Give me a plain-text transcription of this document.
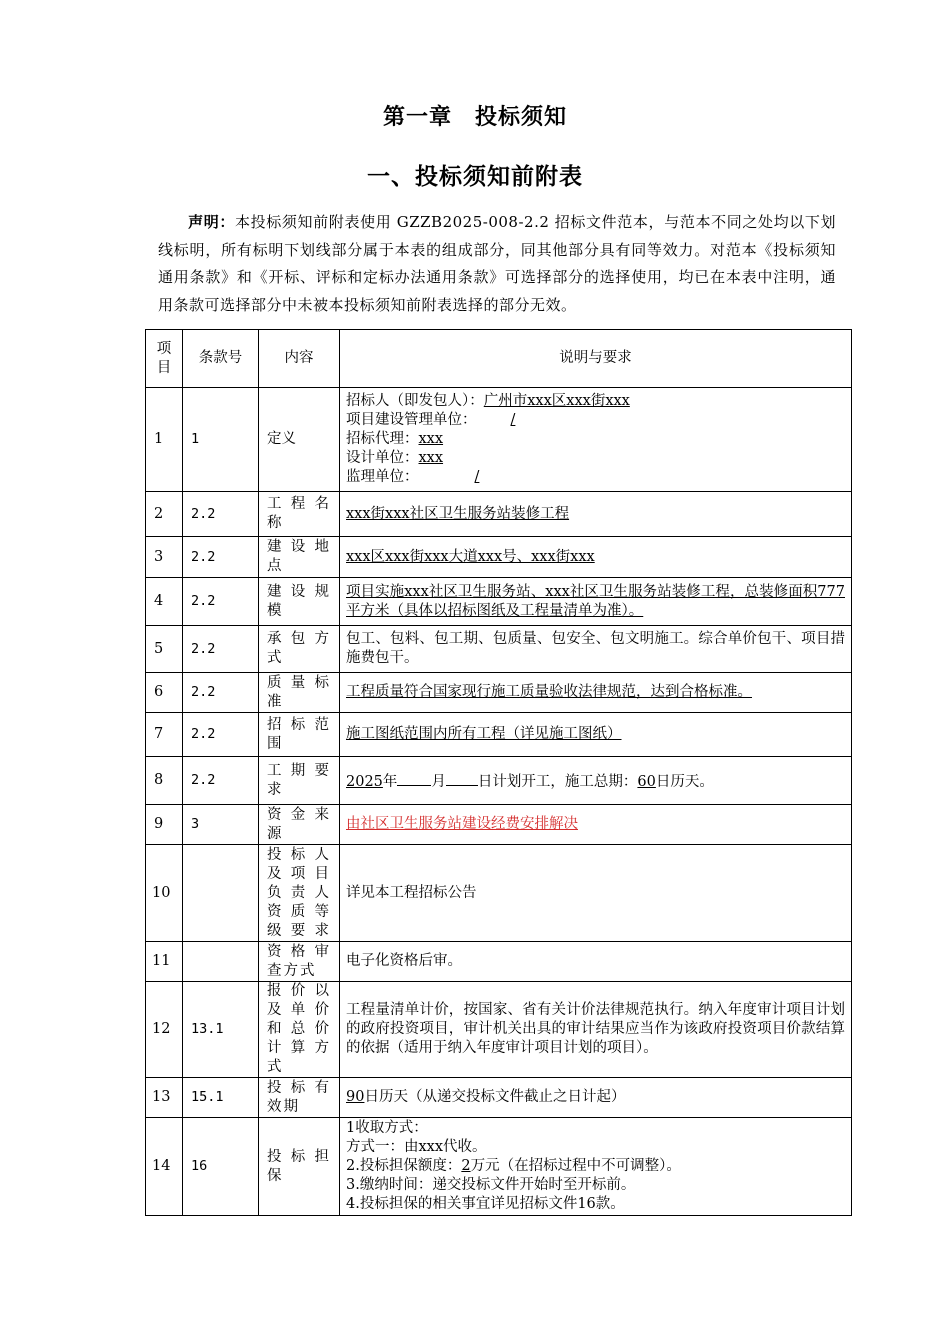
第一章　投标须知
一、投标须知前附表
声明：本投标须知前附表使用 GZZB2025-008-2.2 招标文件范本，与范本不同之处均以下划线标明，所有标明下划线部分属于本表的组成部分，同其他部分具有同等效力。对范本《投标须知通用条款》和《开标、评标和定标办法通用条款》可选择部分的选择使用，均已在本表中注明，通用条款可选择部分中未被本投标须知前附表选择的部分无效。
项目	条款号	内容	说明与要求
1	1	定义	招标人（即发包人）：广州市xxx区xxx街xxx
项目建设管理单位： /
招标代理：xxx
设计单位：xxx
监理单位： /

2	2.2	工程名称	xxx街xxx社区卫生服务站装修工程
3	2.2	建设地点	xxx区xxx街xxx大道xxx号、xxx街xxx
4	2.2	建设规模	项目实施xxx社区卫生服务站、xxx社区卫生服务站装修工程，总装修面积777平方米（具体以招标图纸及工程量清单为准）。
5	2.2	承包方式	包工、包料、包工期、包质量、包安全、包文明施工。综合单价包干、项目措施费包干。
6	2.2	质量标准	工程质量符合国家现行施工质量验收法律规范，达到合格标准。
7	2.2	招标范围	施工图纸范围内所有工程（详见施工图纸）
8	2.2	工期要求	2025年 月 日计划开工，施工总期：60日历天。
9	3	资金来源	由社区卫生服务站建设经费安排解决
10		投标人及项目负责人资质等级要求	详见本工程招标公告
11		资格审查方式	电子化资格后审。
12	13.1	报价以及单价和总价计算方式	工程量清单计价，按国家、省有关计价法律规范执行。纳入年度审计项目计划的政府投资项目，审计机关出具的审计结果应当作为该政府投资项目价款结算的依据（适用于纳入年度审计项目计划的项目）。
13	15.1	投标有效期	90日历天（从递交投标文件截止之日计起）
14	16	投标担保	1收取方式：
方式一：由xxx代收。
2.投标担保额度：2万元（在招标过程中不可调整）。
3.缴纳时间：递交投标文件开始时至开标前。
4.投标担保的相关事宜详见招标文件16款。
